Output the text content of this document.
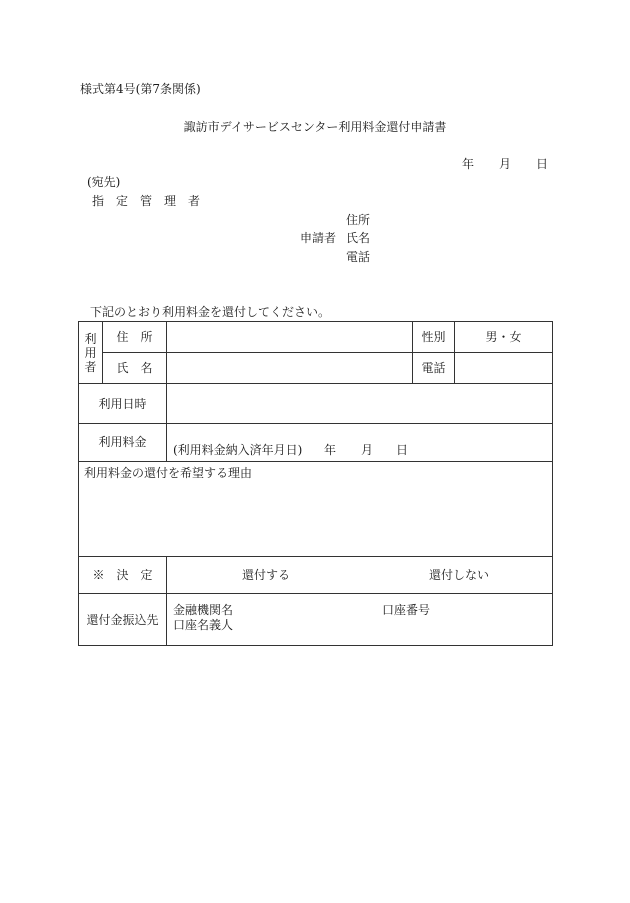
様式第4号(第7条関係)
諏訪市デイサービスセンター利用料金還付申請書
年 月 日
(宛先)
指　定　管　理　者
住所
申請者 氏名
電話
下記のとおり利用料金を還付してください。
利
用
者	住　所		性別	男・女
	氏　名		電話	
利用日時				
利用料金		(利用料金納入済年月日) 年 月 日		

利用料金の還付を希望する理由				
※　決　定		還付する 還付しない		

還付金振込先		金融機関名 口座番号
口座名義人		
